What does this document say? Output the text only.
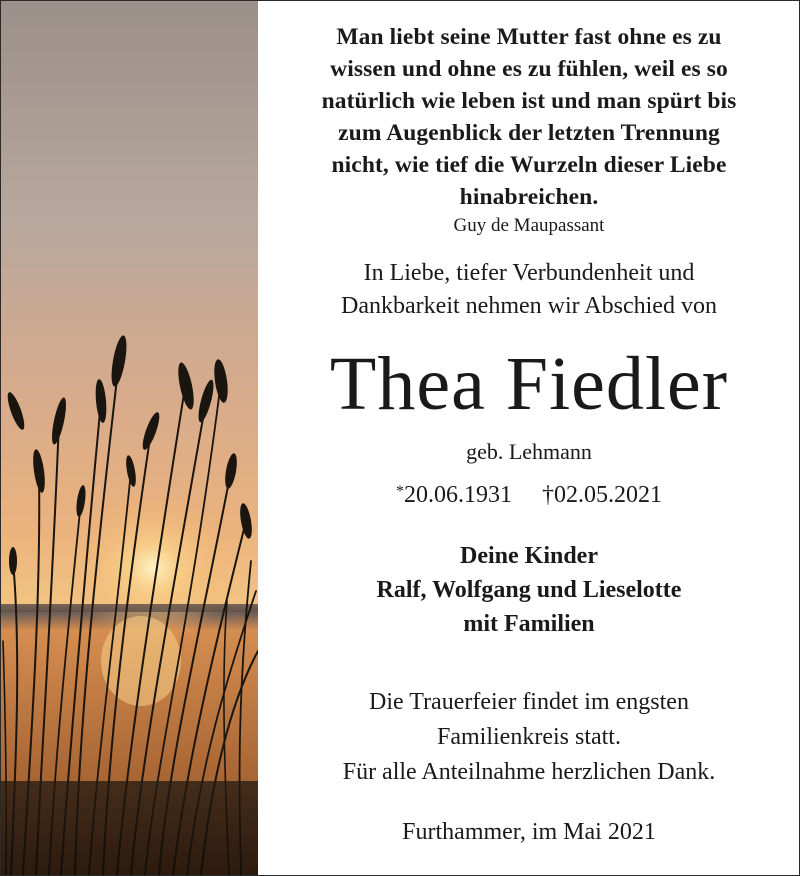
Man liebt seine Mutter fast ohne es zu
wissen und ohne es zu fühlen, weil es so
natürlich wie leben ist und man spürt bis
zum Augenblick der letzten Trennung
nicht, wie tief die Wurzeln dieser Liebe
hinabreichen.
Guy de Maupassant
In Liebe, tiefer Verbundenheit und
Dankbarkeit nehmen wir Abschied von
Thea Fiedler
geb. Lehmann
*20.06.1931 †02.05.2021
Deine Kinder
Ralf, Wolfgang und Lieselotte
mit Familien
Die Trauerfeier findet im engsten
Familienkreis statt.
Für alle Anteilnahme herzlichen Dank.
Furthammer, im Mai 2021
